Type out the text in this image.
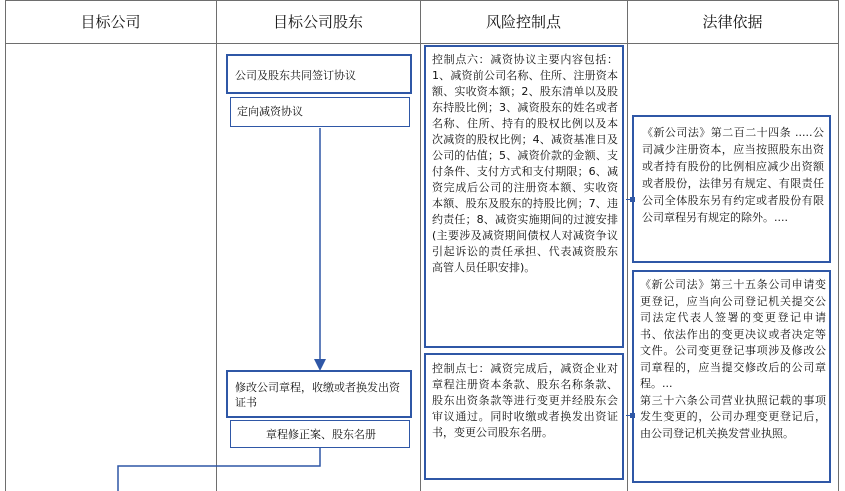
目标公司	目标公司股东	风险控制点	法律依据
公司及股东共同签订协议
定向减资协议
修改公司章程，收缴或者换发出资证书
章程修正案、股东名册
控制点六：减资协议主要内容包括：1、减资前公司名称、住所、注册资本额、实收资本额；2、股东清单以及股东持股比例；3、减资股东的姓名或者名称、住所、持有的股权比例以及本次减资的股权比例；4、减资基准日及公司的估值；5、减资价款的金额、支付条件、支付方式和支付期限；6、减资完成后公司的注册资本额、实收资本额、股东及股东的持股比例；7、违约责任；8、减资实施期间的过渡安排(主要涉及减资期间债权人对减资争议引起诉讼的责任承担、代表减资股东高管人员任职安排)。
控制点七：减资完成后，减资企业对章程注册资本条款、股东名称条款、股东出资条款等进行变更并经股东会审议通过。同时收缴或者换发出资证书，变更公司股东名册。
《新公司法》第二百二十四条 .....公司减少注册资本，应当按照股东出资或者持有股份的比例相应减少出资额或者股份，法律另有规定、有限责任公司全体股东另有约定或者股份有限公司章程另有规定的除外。....
《新公司法》第三十五条公司申请变更登记，应当向公司登记机关提交公司法定代表人签署的变更登记申请书、依法作出的变更决议或者决定等文件。公司变更登记事项涉及修改公司章程的，应当提交修改后的公司章程。...
第三十六条公司营业执照记载的事项发生变更的，公司办理变更登记后，由公司登记机关换发营业执照。
